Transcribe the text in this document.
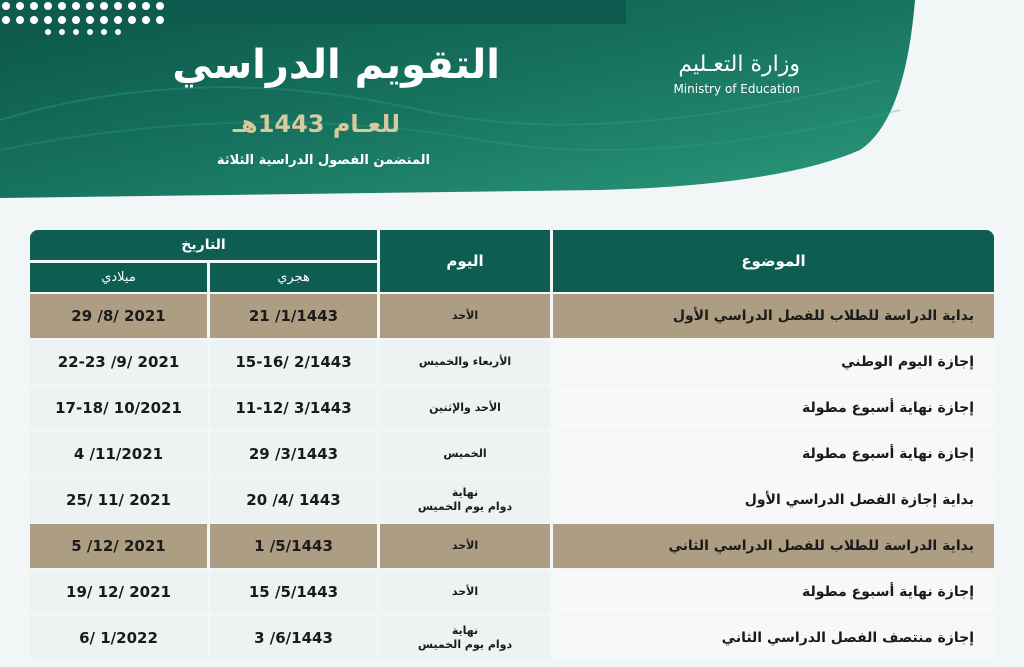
وزارة التعـليم
Ministry of Education
التقويم الدراسي
للعـام 1443هـ
المتضمن الفصول الدراسية الثلاثة
الموضوع
اليوم
التاريخ
هجري
ميلادي
بداية الدراسة للطلاب للفصل الدراسي الأول
الأحد
21 /1/1443
29 /8/ 2021
إجازة اليوم الوطني
الأربعاء والخميس
15-16/ 2/1443
22-23 /9/ 2021
إجازة نهاية أسبوع مطولة
الأحد والإثنين
11-12/ 3/1443
17-18/ 10/2021
إجازة نهاية أسبوع مطولة
الخميس
29 /3/1443
4 /11/2021
بداية إجازة الفصل الدراسي الأول
نهاية
دوام يوم الخميس
20 /4/ 1443
25/ 11/ 2021
بداية الدراسة للطلاب للفصل الدراسي الثاني
الأحد
1 /5/1443
5 /12/ 2021
إجازة نهاية أسبوع مطولة
الأحد
15 /5/1443
19/ 12/ 2021
إجازة منتصف الفصل الدراسي الثاني
نهاية
دوام يوم الخميس
3 /6/1443
6/ 1/2022
